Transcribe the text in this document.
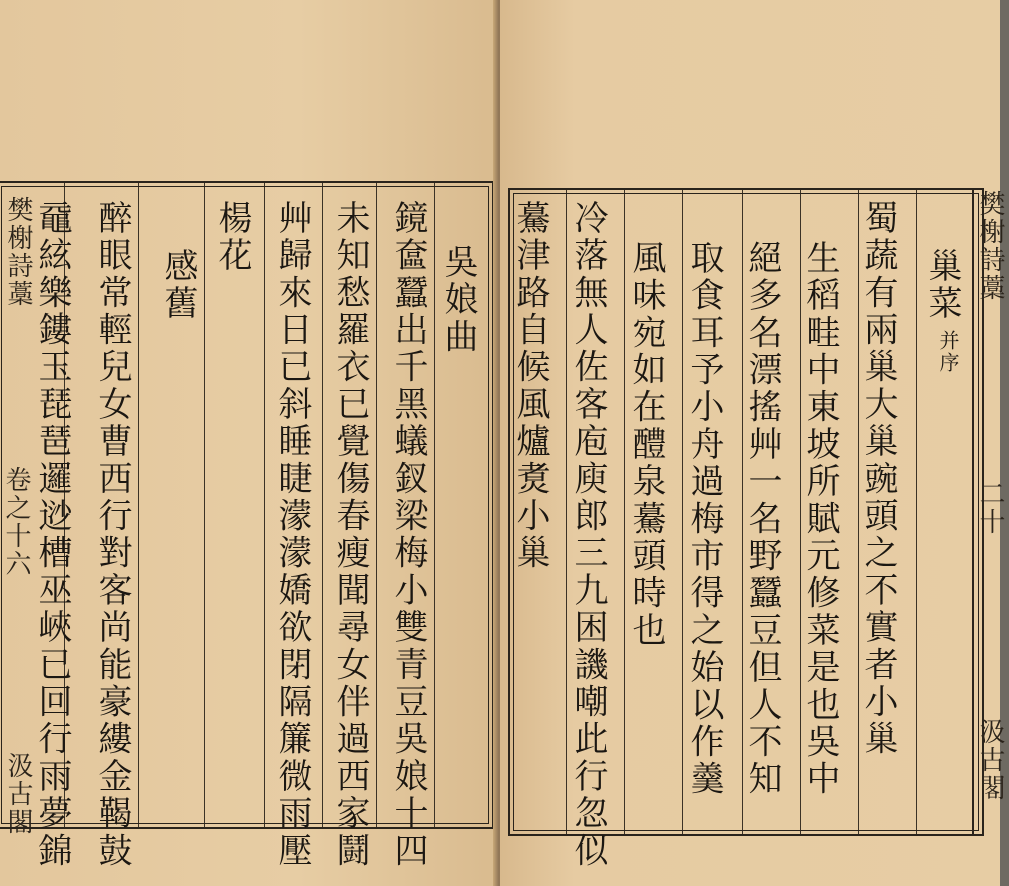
鏡奩蠶出千黑蟻釵梁梅小雙青豆吳娘十四 吳娘曲
未知愁羅衣已覺傷春瘦聞尋女伴過西家鬪
艸歸來日已斜睡睫濛濛嬌欲閉隔簾微雨壓
楊花
感舊
醉眼常輕兒女曹西行對客尚能豪縷金鞨鼓
黿絃樂鏤玉琵琶邏逤槽巫峽已回行雨夢錦
樊榭詩藁
卷之十六
汲古閣
巢菜
并序
蜀蔬有兩巢大巢豌頭之不實者小巢
生稻畦中東坡所賦元修菜是也吳中
絕多名漂搖艸一名野蠶豆但人不知
取食耳予小舟過梅市得之始以作羹
風味宛如在醴泉驀頭時也
冷落無人佐客庖庾郎三九困譏嘲此行忽似
驀津路自候風爐煑小巢	樊榭詩藁
二十
汲古閣
